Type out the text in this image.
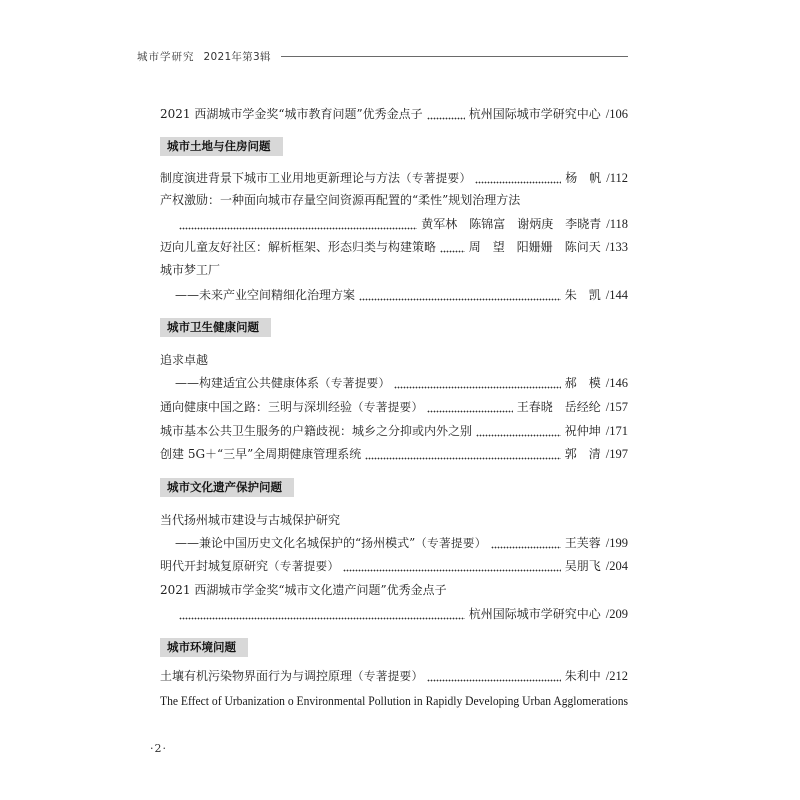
城市学研究 2021年第3辑
2021 西湖城市学金奖“城市教育问题”优秀金点子	杭州国际城市学研究中心 /106
城市土地与住房问题
制度演进背景下城市工业用地更新理论与方法 （专著提要）	杨　帆 /112
产权激励：一种面向城市存量空间资源再配置的“柔性”规划治理方法
黄军林　陈锦富　谢炳庚　李晓青 /118
迈向儿童友好社区：解析框架、形态归类与构建策略	周　望　阳姗姗　陈问天 /133
城市梦工厂
——未来产业空间精细化治理方案	朱　凯 /144
城市卫生健康问题
追求卓越
——构建适宜公共健康体系 （专著提要）	郝　模 /146
通向健康中国之路：三明与深圳经验 （专著提要）	王春晓　岳经纶 /157
城市基本公共卫生服务的户籍歧视：城乡之分抑或内外之别	祝仲坤 /171
创建 5G＋“三早”全周期健康管理系统	郭　清 /197
城市文化遗产保护问题
当代扬州城市建设与古城保护研究
——兼论中国历史文化名城保护的“扬州模式” （专著提要）	王芙蓉 /199
明代开封城复原研究 （专著提要）	吴朋飞 /204
2021 西湖城市学金奖“城市文化遗产问题”优秀金点子
杭州国际城市学研究中心 /209
城市环境问题
土壤有机污染物界面行为与调控原理 （专著提要）	朱利中 /212
The Effect of Urbanization o Environmental Pollution in Rapidly Developing Urban Agglomerations
·2·
